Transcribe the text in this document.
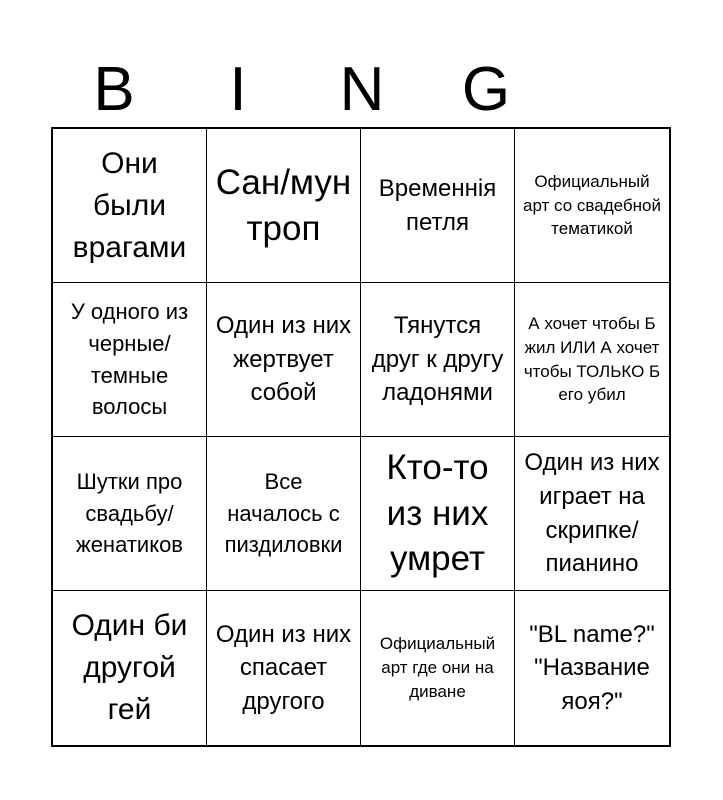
B	I	N	G
Они были врагами
Сан/мун троп
Временнія петля
Официальный арт со свадебной тематикой
У одного из черные/темные волосы
Один из них жертвует собой
Тянутся друг к другу ладонями
А хочет чтобы Б жил ИЛИ А хочет чтобы ТОЛЬКО Б его убил
Шутки про свадьбу/женатиков
Все началось с пиздиловки
Кто-то из них умрет
Один из них играет на скрипке/пианино
Один би другой гей
Один из них спасает другого
Официальный арт где они на диване
"BL name?" "Название яоя?"
